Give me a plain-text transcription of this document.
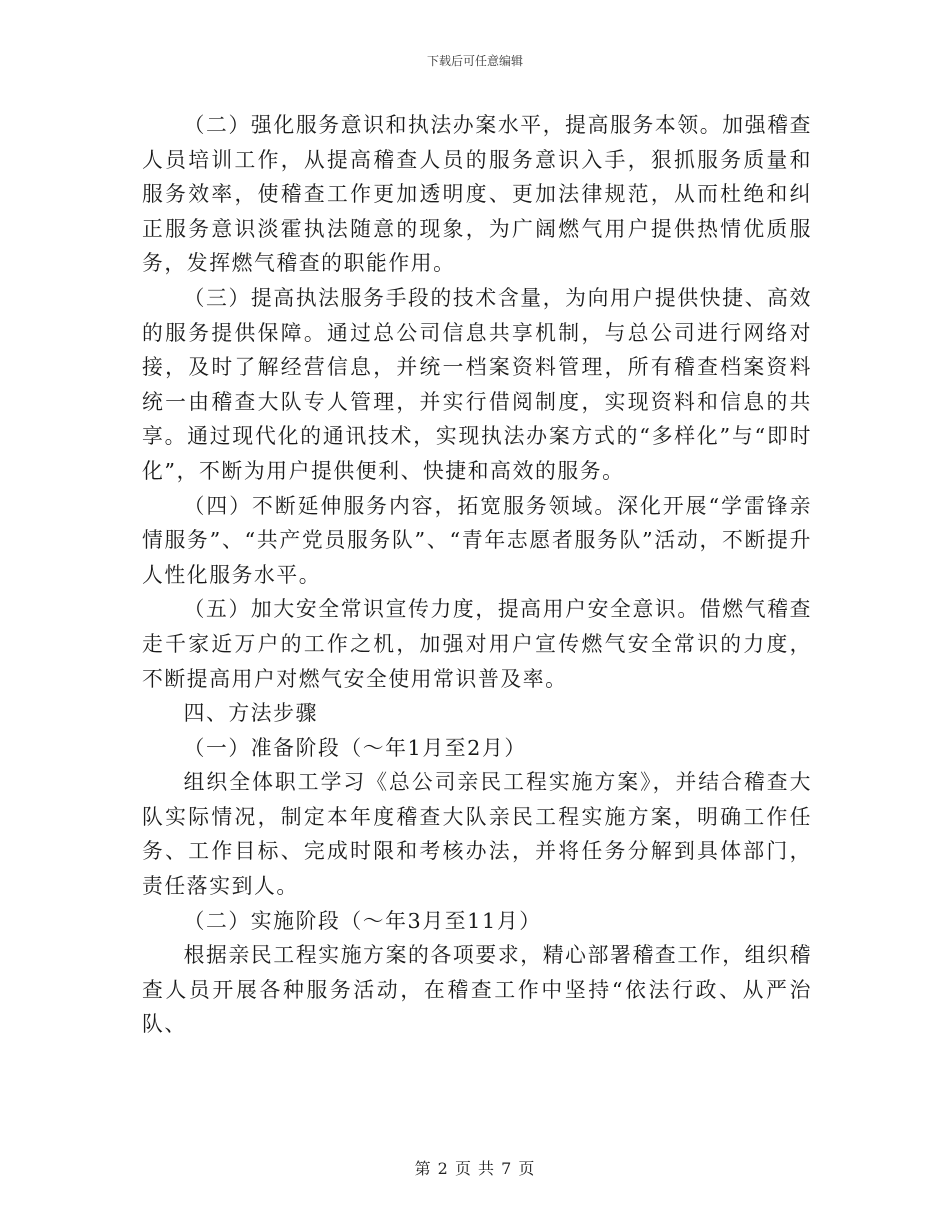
下载后可任意编辑

（二）强化服务意识和执法办案水平，提高服务本领。加强稽查人员培训工作，从提高稽查人员的服务意识入手，狠抓服务质量和服务效率，使稽查工作更加透明度、更加法律规范，从而杜绝和纠正服务意识淡霍执法随意的现象，为广阔燃气用户提供热情优质服务，发挥燃气稽查的职能作用。

（三）提高执法服务手段的技术含量，为向用户提供快捷、高效的服务提供保障。通过总公司信息共享机制，与总公司进行网络对接，及时了解经营信息，并统一档案资料管理，所有稽查档案资料统一由稽查大队专人管理，并实行借阅制度，实现资料和信息的共享。通过现代化的通讯技术，实现执法办案方式的“多样化”与“即时化”，不断为用户提供便利、快捷和高效的服务。

（四）不断延伸服务内容，拓宽服务领域。深化开展“学雷锋亲情服务”、“共产党员服务队”、“青年志愿者服务队”活动，不断提升人性化服务水平。

（五）加大安全常识宣传力度，提高用户安全意识。借燃气稽查走千家近万户的工作之机，加强对用户宣传燃气安全常识的力度，不断提高用户对燃气安全使用常识普及率。

四、方法步骤

（一）准备阶段（～年1月至2月）

组织全体职工学习《总公司亲民工程实施方案》，并结合稽查大队实际情况，制定本年度稽查大队亲民工程实施方案，明确工作任务、工作目标、完成时限和考核办法，并将任务分解到具体部门，责任落实到人。

（二）实施阶段（～年3月至11月）

根据亲民工程实施方案的各项要求，精心部署稽查工作，组织稽查人员开展各种服务活动，在稽查工作中坚持“依法行政、从严治队、

第 2 页 共 7 页
